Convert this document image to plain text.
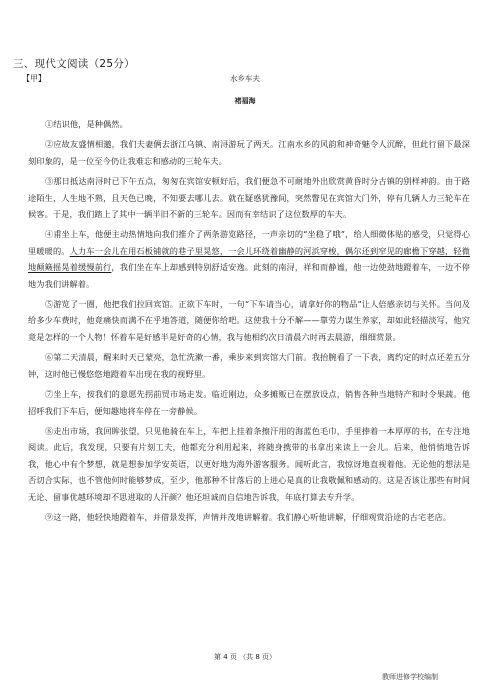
三、现代文阅读（25分）
【甲】	水乡车夫
褚福海

①结识他，是种偶然。

②应故友盛情相邀，我们夫妻俩去浙江乌镇、南浔游玩了两天。江南水乡的风韵和神奇魅令人沉醉，但此行留下最深刻印象的，是一位至今仍让我难忘和感动的三轮车夫。

③那日抵达南浔时已下午五点，匆匆在宾馆安顿好后，我们便急不可耐地外出欣赏黄昏时分古镇的别样神韵。由于路途陌生，人生地不熟，且天色已晚，不知要去哪儿去。就在疑惑犹豫间，突然瞥见在宾馆大门外，停有几辆人力三轮车在候客。于是，我们踏上了其中一辆半旧不新的三轮车。因而有幸结识了这位数厚的车夫。

④甫坐上车，他便主动热情地向我们推介了两条游览路径，一声亲切的“坐稳了哦”，给人细微体贴的感受，只觉得心里暖暖的。人力车一会儿在用石板铺就的巷子里晃悠，一会儿环绕着幽静的河浜穿梭，偶尔还到窄见的廊檐下穿越，轻微地颠簸摇晃着缓慢前行，我们坐在车上却感到特别舒适安逸。此刻的南浔，祥和而静谧，他一边使劲地蹬着车，一边不停地为我们讲解着。

⑤游览了一圈，他把我们拉回宾馆。正欲下车时，一句“下车请当心，请拿好你的物品”让人倍感亲切与关怀。当问及给多少车费时，他竟痛快而满不在乎地答道，随便你给吧。这使我十分不解——靠劳力谋生养家，却如此轻描淡写，他究竟是怎样的一个人物！怀着车是好感半是好奇的心情，我与他相约次日清晨六时再去晨游，细细赏景。

⑥第二天清晨，醒来时天已蒙亮，急忙洗漱一番，乘步来到宾馆大门前。我抬腕看了一下表，离约定的时点还差五分钟，这时他已慢悠悠地蹬着车出现在我的视野里。

⑦坐上车，按我们的意愿先拐前贸市场走发。临近刚边，众多摊贩已在摆放设点，销售各种当地特产和时令果蔬。他招呼我们下车后，便知趣地将车停在一旁静候。

⑧走出市场，我回眸张望，只见他骑在车上，车把上挂着条擦汗用的海蓝色毛巾，手里捧着一本厚厚的书，在专注地阅读。此后，我发现，只要有片刻工夫，他都充分利用起来，将随身携带的书拿出来读上一会儿。后来，他悄悄地告诉我，他心中有个梦想，就是想参加学安英语，以更好地为海外游客服务。闻听此言，我惊讶地直视着他。无论他的想法是否切合实际，也不管他何时能够梦成，至少，他那种不甘落后的上进心是真的让我敬佩和感动的。这是否该让那些有时间无论、留事优越环境却不思进取的人汗颜？他还坦诚而自信地告诉我，年底打算去专升学。

⑨这一路，他轻快地蹬着车，并借景发挥，声情并茂地讲解着。我们静心听他讲解，仔细观赏沿途的古宅老店。

第 4 页 （共 8 页）
教师进修学校编制
